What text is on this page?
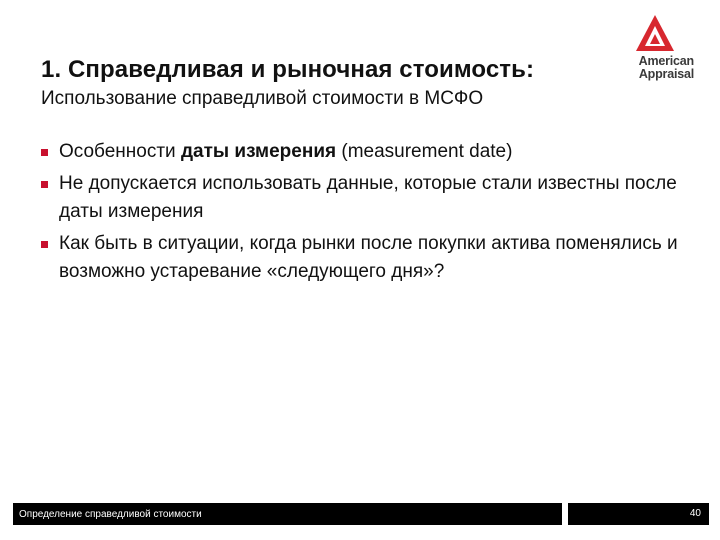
American
Appraisal
1. Справедливая и рыночная стоимость:
Использование справедливой стоимости в МСФО
Особенности даты измерения (measurement date)
Не допускается использовать данные, которые стали известны после даты измерения
Как быть в ситуации, когда рынки после покупки актива поменялись и возможно устаревание «следующего дня»?
Определение справедливой стоимости	40
